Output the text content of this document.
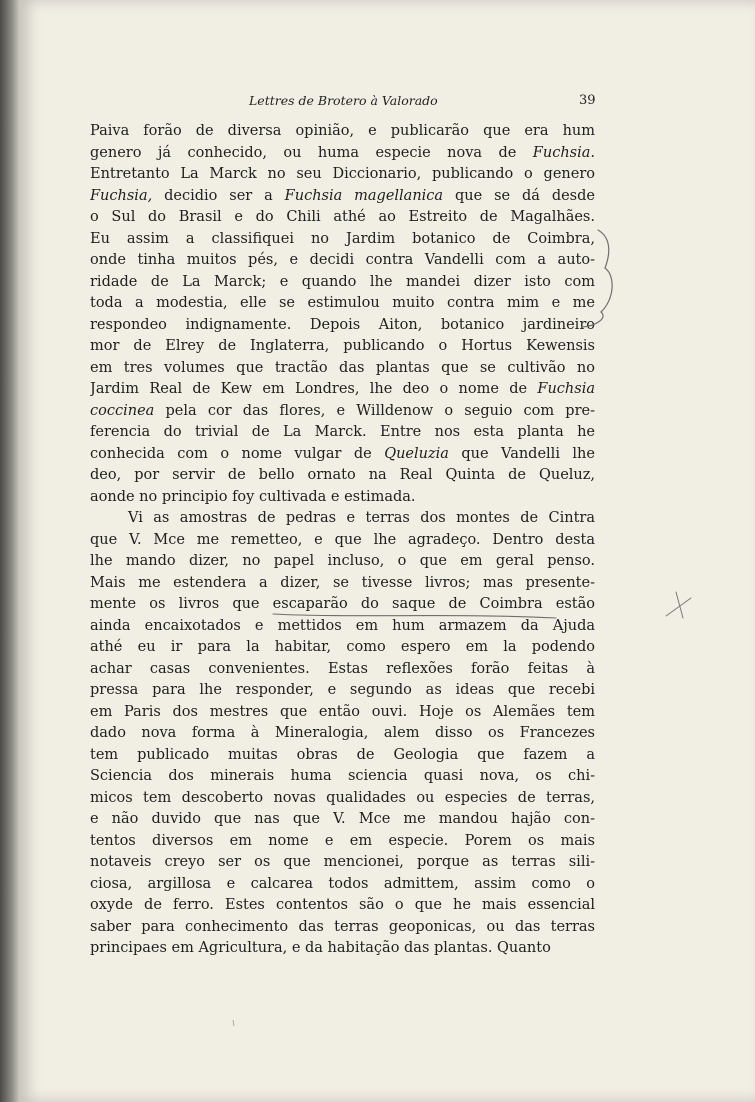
Lettres de Brotero à Valorado	39
Paiva forão de diversa opinião, e publicarão que era hum
genero já conhecido, ou huma especie nova de Fuchsia.
Entretanto La Marck no seu Diccionario, publicando o genero
Fuchsia, decidio ser a Fuchsia magellanica que se dá desde
o Sul do Brasil e do Chili athé ao Estreito de Magalhães.
Eu assim a classifiquei no Jardim botanico de Coimbra,
onde tinha muitos pés, e decidi contra Vandelli com a auto-
ridade de La Marck; e quando lhe mandei dizer isto com
toda a modestia, elle se estimulou muito contra mim e me
respondeo indignamente. Depois Aiton, botanico jardineiro
mor de Elrey de Inglaterra, publicando o Hortus Kewensis
em tres volumes que tractão das plantas que se cultivão no
Jardim Real de Kew em Londres, lhe deo o nome de Fuchsia
coccinea pela cor das flores, e Willdenow o seguio com pre-
ferencia do trivial de La Marck. Entre nos esta planta he
conhecida com o nome vulgar de Queluzia que Vandelli lhe
deo, por servir de bello ornato na Real Quinta de Queluz,
aonde no principio foy cultivada e estimada.
Vi as amostras de pedras e terras dos montes de Cintra
que V. Mce me remetteo, e que lhe agradeço. Dentro desta
lhe mando dizer, no papel incluso, o que em geral penso.
Mais me estendera a dizer, se tivesse livros; mas presente-
mente os livros que escaparão do saque de Coimbra estão
ainda encaixotados e mettidos em hum armazem da Ajuda
athé eu ir para la habitar, como espero em la podendo
achar casas convenientes. Estas reflexões forão feitas à
pressa para lhe responder, e segundo as ideas que recebi
em Paris dos mestres que então ouvi. Hoje os Alemães tem
dado nova forma à Mineralogia, alem disso os Francezes
tem publicado muitas obras de Geologia que fazem a
Sciencia dos minerais huma sciencia quasi nova, os chi-
micos tem descoberto novas qualidades ou especies de terras,
e não duvido que nas que V. Mce me mandou hajão con-
tentos diversos em nome e em especie. Porem os mais
notaveis creyo ser os que mencionei, porque as terras sili-
ciosa, argillosa e calcarea todos admittem, assim como o
oxyde de ferro. Estes contentos são o que he mais essencial
saber para conhecimento das terras geoponicas, ou das terras
principaes em Agricultura, e da habitação das plantas. Quanto
